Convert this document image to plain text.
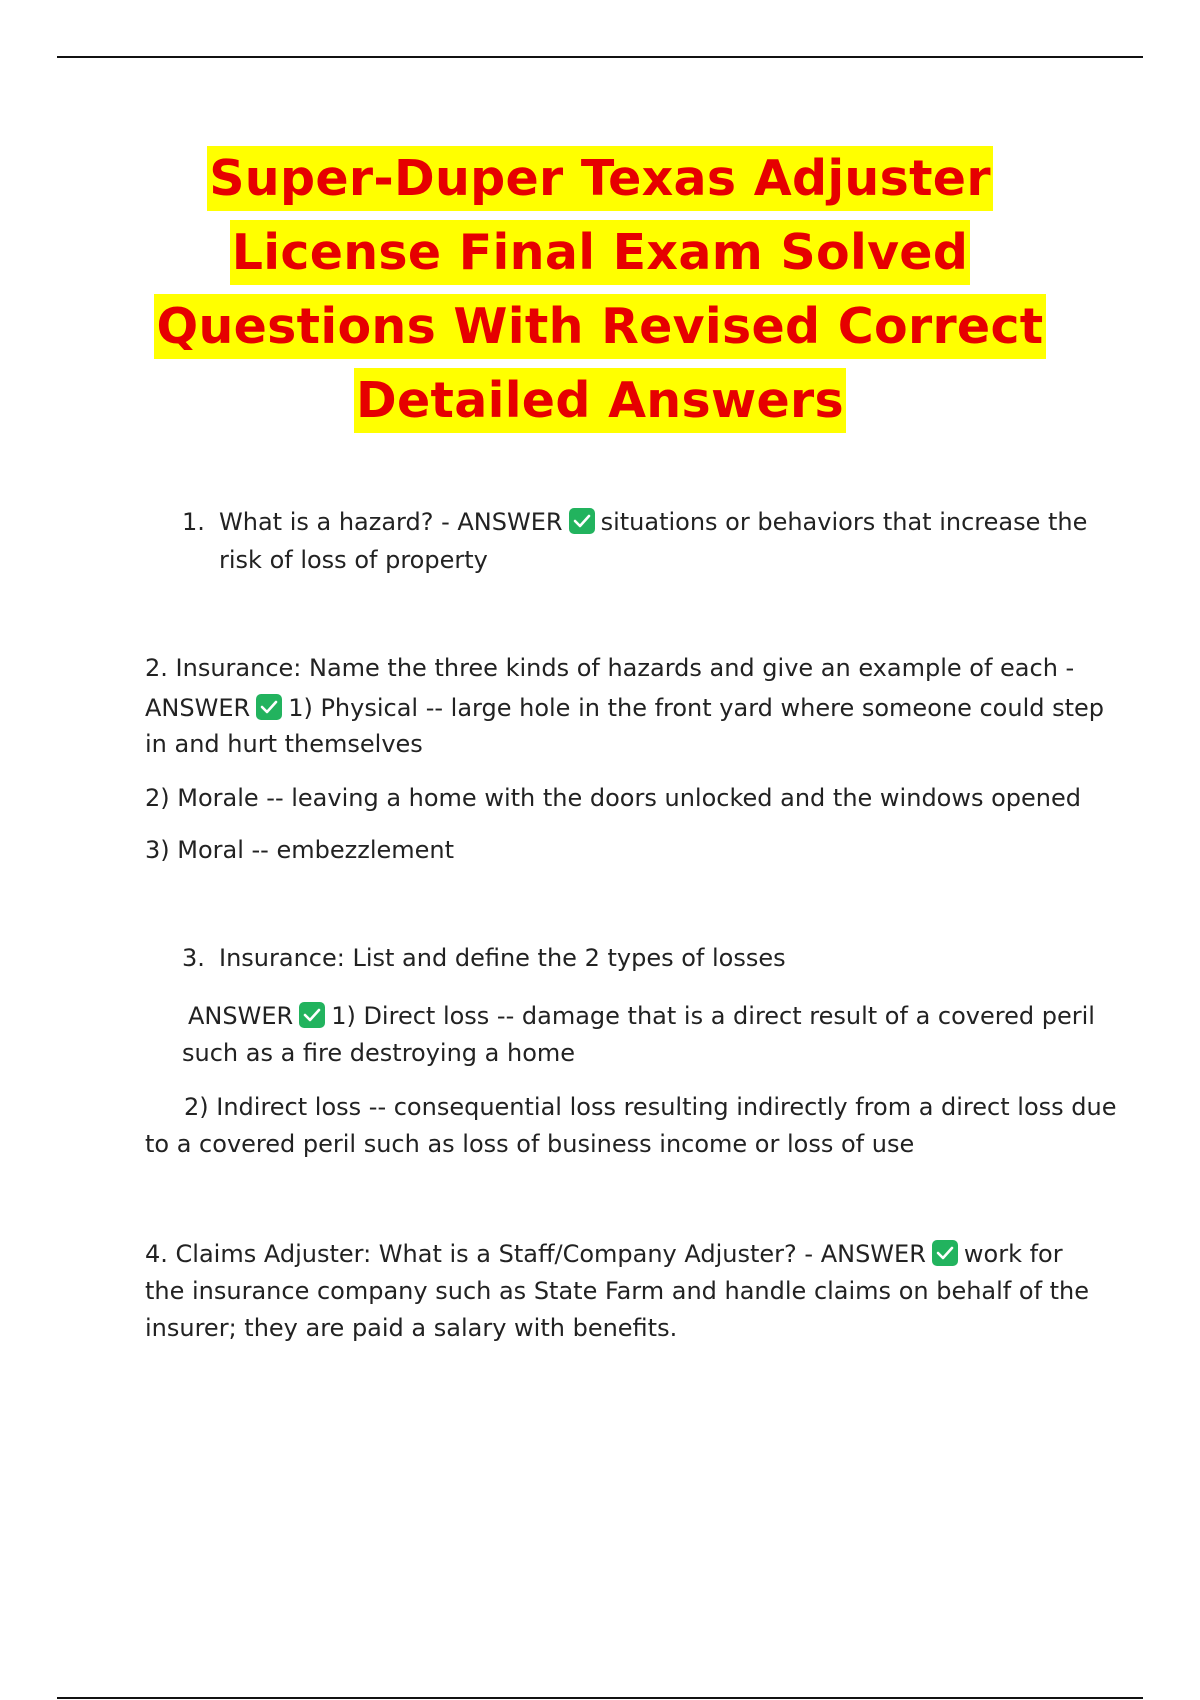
Super-Duper Texas Adjuster
License Final Exam Solved
Questions With Revised Correct
Detailed Answers
1. What is a hazard? - ANSWER situations or behaviors that increase the
risk of loss of property
2. Insurance: Name the three kinds of hazards and give an example of each -
ANSWER 1) Physical -- large hole in the front yard where someone could step
in and hurt themselves
2) Morale -- leaving a home with the doors unlocked and the windows opened
3) Moral -- embezzlement
3. Insurance: List and define the 2 types of losses
ANSWER 1) Direct loss -- damage that is a direct result of a covered peril
such as a fire destroying a home
2) Indirect loss -- consequential loss resulting indirectly from a direct loss due
to a covered peril such as loss of business income or loss of use
4. Claims Adjuster: What is a Staff/Company Adjuster? - ANSWER work for
the insurance company such as State Farm and handle claims on behalf of the
insurer; they are paid a salary with benefits.
